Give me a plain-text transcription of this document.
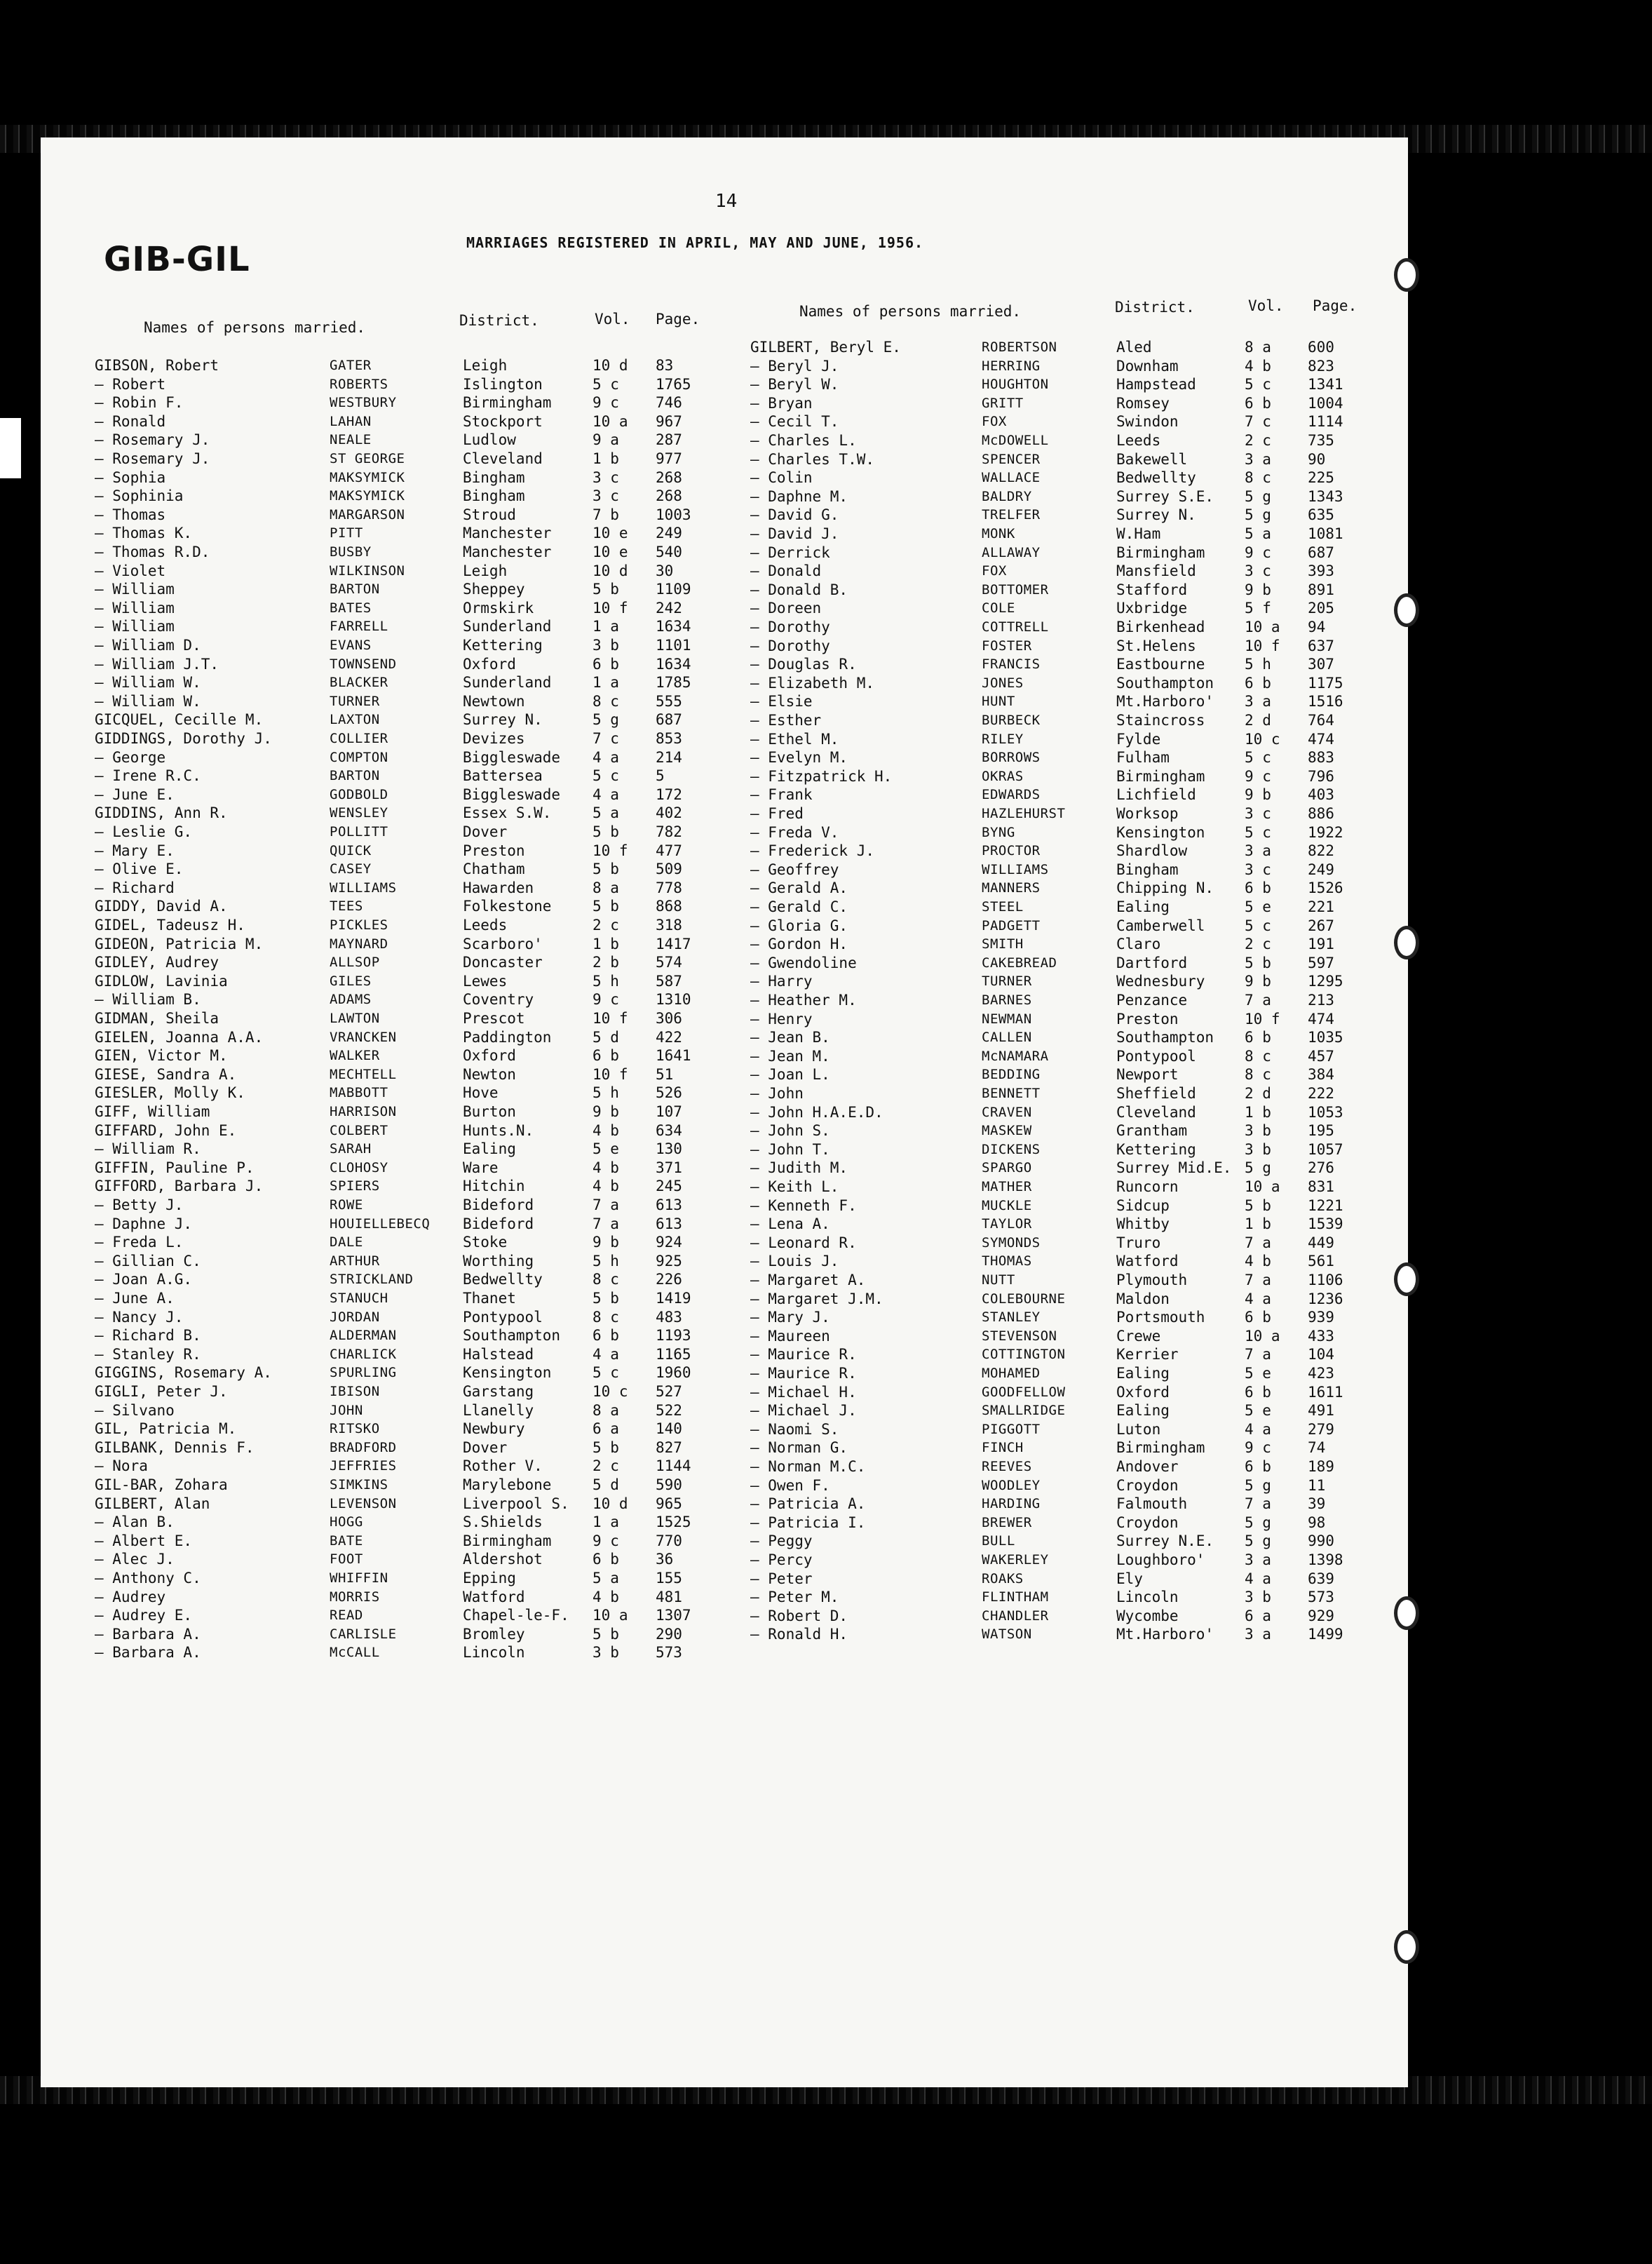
14
GIB-GIL	MARRIAGES REGISTERED IN APRIL, MAY AND JUNE, 1956.
Names of persons married.	District.	Vol. Page.	Names of persons married.	District.	Vol. Page.
GIBSON, Robert	GATER	Leigh	10 d 83
— Robert	ROBERTS	Islington	5 c 1765
— Robin F.	WESTBURY	Birmingham	9 c 746
— Ronald	LAHAN	Stockport	10 a 967
— Rosemary J.	NEALE	Ludlow	9 a 287
— Rosemary J.	ST GEORGE	Cleveland	1 b 977
— Sophia	MAKSYMICK	Bingham	3 c 268
— Sophinia	MAKSYMICK	Bingham	3 c 268
— Thomas	MARGARSON	Stroud	7 b 1003
— Thomas K.	PITT	Manchester	10 e 249
— Thomas R.D.	BUSBY	Manchester	10 e 540
— Violet	WILKINSON	Leigh	10 d 30
— William	BARTON	Sheppey	5 b 1109
— William	BATES	Ormskirk	10 f 242
— William	FARRELL	Sunderland	1 a 1634
— William D.	EVANS	Kettering	3 b 1101
— William J.T.	TOWNSEND	Oxford	6 b 1634
— William W.	BLACKER	Sunderland	1 a 1785
— William W.	TURNER	Newtown	8 c 555
GICQUEL, Cecille M.	LAXTON	Surrey N.	5 g 687
GIDDINGS, Dorothy J.	COLLIER	Devizes	7 c 853
— George	COMPTON	Biggleswade 4 a 214
— Irene R.C.	BARTON	Battersea	5 c 5
— June E.	GODBOLD	Biggleswade 4 a 172
GIDDINS, Ann R.	WENSLEY	Essex S.W.	5 a 402
— Leslie G.	POLLITT	Dover	5 b 782
— Mary E.	QUICK	Preston	10 f 477
— Olive E.	CASEY	Chatham	5 b 509
— Richard	WILLIAMS	Hawarden	8 a 778
GIDDY, David A.	TEES	Folkestone	5 b 868
GIDEL, Tadeusz H.	PICKLES	Leeds	2 c 318
GIDEON, Patricia M.	MAYNARD	Scarboro'	1 b 1417
GIDLEY, Audrey	ALLSOP	Doncaster	2 b 574
GIDLOW, Lavinia	GILES	Lewes	5 h 587
— William B.	ADAMS	Coventry	9 c 1310
GIDMAN, Sheila	LAWTON	Prescot	10 f 306
GIELEN, Joanna A.A.	VRANCKEN	Paddington	5 d 422
GIEN, Victor M.	WALKER	Oxford	6 b 1641
GIESE, Sandra A.	MECHTELL	Newton	10 f 51
GIESLER, Molly K.	MABBOTT	Hove	5 h 526
GIFF, William	HARRISON	Burton	9 b 107
GIFFARD, John E.	COLBERT	Hunts.N.	4 b 634
— William R.	SARAH	Ealing	5 e 130
GIFFIN, Pauline P.	CLOHOSY	Ware	4 b 371
GIFFORD, Barbara J.	SPIERS	Hitchin	4 b 245
— Betty J.	ROWE	Bideford	7 a 613
— Daphne J.	HOUIELLEBECQ Bideford	7 a 613
— Freda L.	DALE	Stoke	9 b 924
— Gillian C.	ARTHUR	Worthing	5 h 925
— Joan A.G.	STRICKLAND	Bedwellty	8 c 226
— June A.	STANUCH	Thanet	5 b 1419
— Nancy J.	JORDAN	Pontypool	8 c 483
— Richard B.	ALDERMAN	Southampton 6 b 1193
— Stanley R.	CHARLICK	Halstead	4 a 1165
GIGGINS, Rosemary A.	SPURLING	Kensington	5 c 1960
GIGLI, Peter J.	IBISON	Garstang	10 c 527
— Silvano	JOHN	Llanelly	8 a 522
GIL, Patricia M.	RITSKO	Newbury	6 a 140
GILBANK, Dennis F.	BRADFORD	Dover	5 b 827
— Nora	JEFFRIES	Rother V.	2 c 1144
GIL-BAR, Zohara	SIMKINS	Marylebone	5 d 590
GILBERT, Alan	LEVENSON	Liverpool S. 10 d 965
— Alan B.	HOGG	S.Shields	1 a 1525
— Albert E.	BATE	Birmingham	9 c 770
— Alec J.	FOOT	Aldershot	6 b 36
— Anthony C.	WHIFFIN	Epping	5 a 155
— Audrey	MORRIS	Watford	4 b 481
— Audrey E.	READ	Chapel-le-F. 10 a 1307
— Barbara A.	CARLISLE	Bromley	5 b 290
— Barbara A.	McCALL	Lincoln	3 b 573
GILBERT, Beryl E.	ROBERTSON	Aled	8 a 600
— Beryl J.	HERRING	Downham	4 b 823
— Beryl W.	HOUGHTON	Hampstead	5 c 1341
— Bryan	GRITT	Romsey	6 b 1004
— Cecil T.	FOX	Swindon	7 c 1114
— Charles L.	McDOWELL	Leeds	2 c 735
— Charles T.W.	SPENCER	Bakewell	3 a 90
— Colin	WALLACE	Bedwellty	8 c 225
— Daphne M.	BALDRY	Surrey S.E. 5 g 1343
— David G.	TRELFER	Surrey N.	5 g 635
— David J.	MONK	W.Ham	5 a 1081
— Derrick	ALLAWAY	Birmingham	9 c 687
— Donald	FOX	Mansfield	3 c 393
— Donald B.	BOTTOMER	Stafford	9 b 891
— Doreen	COLE	Uxbridge	5 f 205
— Dorothy	COTTRELL	Birkenhead	10 a 94
— Dorothy	FOSTER	St.Helens	10 f 637
— Douglas R.	FRANCIS	Eastbourne	5 h 307
— Elizabeth M.	JONES	Southampton 6 b 1175
— Elsie	HUNT	Mt.Harboro' 3 a 1516
— Esther	BURBECK	Staincross	2 d 764
— Ethel M.	RILEY	Fylde	10 c 474
— Evelyn M.	BORROWS	Fulham	5 c 883
— Fitzpatrick H.	OKRAS	Birmingham	9 c 796
— Frank	EDWARDS	Lichfield	9 b 403
— Fred	HAZLEHURST	Worksop	3 c 886
— Freda V.	BYNG	Kensington	5 c 1922
— Frederick J.	PROCTOR	Shardlow	3 a 822
— Geoffrey	WILLIAMS	Bingham	3 c 249
— Gerald A.	MANNERS	Chipping N. 6 b 1526
— Gerald C.	STEEL	Ealing	5 e 221
— Gloria G.	PADGETT	Camberwell	5 c 267
— Gordon H.	SMITH	Claro	2 c 191
— Gwendoline	CAKEBREAD	Dartford	5 b 597
— Harry	TURNER	Wednesbury	9 b 1295
— Heather M.	BARNES	Penzance	7 a 213
— Henry	NEWMAN	Preston	10 f 474
— Jean B.	CALLEN	Southampton 6 b 1035
— Jean M.	McNAMARA	Pontypool	8 c 457
— Joan L.	BEDDING	Newport	8 c 384
— John	BENNETT	Sheffield	2 d 222
— John H.A.E.D.	CRAVEN	Cleveland	1 b 1053
— John S.	MASKEW	Grantham	3 b 195
— John T.	DICKENS	Kettering	3 b 1057
— Judith M.	SPARGO	Surrey Mid.E. 5 g 276
— Keith L.	MATHER	Runcorn	10 a 831
— Kenneth F.	MUCKLE	Sidcup	5 b 1221
— Lena A.	TAYLOR	Whitby	1 b 1539
— Leonard R.	SYMONDS	Truro	7 a 449
— Louis J.	THOMAS	Watford	4 b 561
— Margaret A.	NUTT	Plymouth	7 a 1106
— Margaret J.M.	COLEBOURNE	Maldon	4 a 1236
— Mary J.	STANLEY	Portsmouth	6 b 939
— Maureen	STEVENSON	Crewe	10 a 433
— Maurice R.	COTTINGTON	Kerrier	7 a 104
— Maurice R.	MOHAMED	Ealing	5 e 423
— Michael H.	GOODFELLOW	Oxford	6 b 1611
— Michael J.	SMALLRIDGE	Ealing	5 e 491
— Naomi S.	PIGGOTT	Luton	4 a 279
— Norman G.	FINCH	Birmingham	9 c 74
— Norman M.C.	REEVES	Andover	6 b 189
— Owen F.	WOODLEY	Croydon	5 g 11
— Patricia A.	HARDING	Falmouth	7 a 39
— Patricia I.	BREWER	Croydon	5 g 98
— Peggy	BULL	Surrey N.E. 5 g 990
— Percy	WAKERLEY	Loughboro'	3 a 1398
— Peter	ROAKS	Ely	4 a 639
— Peter M.	FLINTHAM	Lincoln	3 b 573
— Robert D.	CHANDLER	Wycombe	6 a 929
— Ronald H.	WATSON	Mt.Harboro' 3 a 1499
